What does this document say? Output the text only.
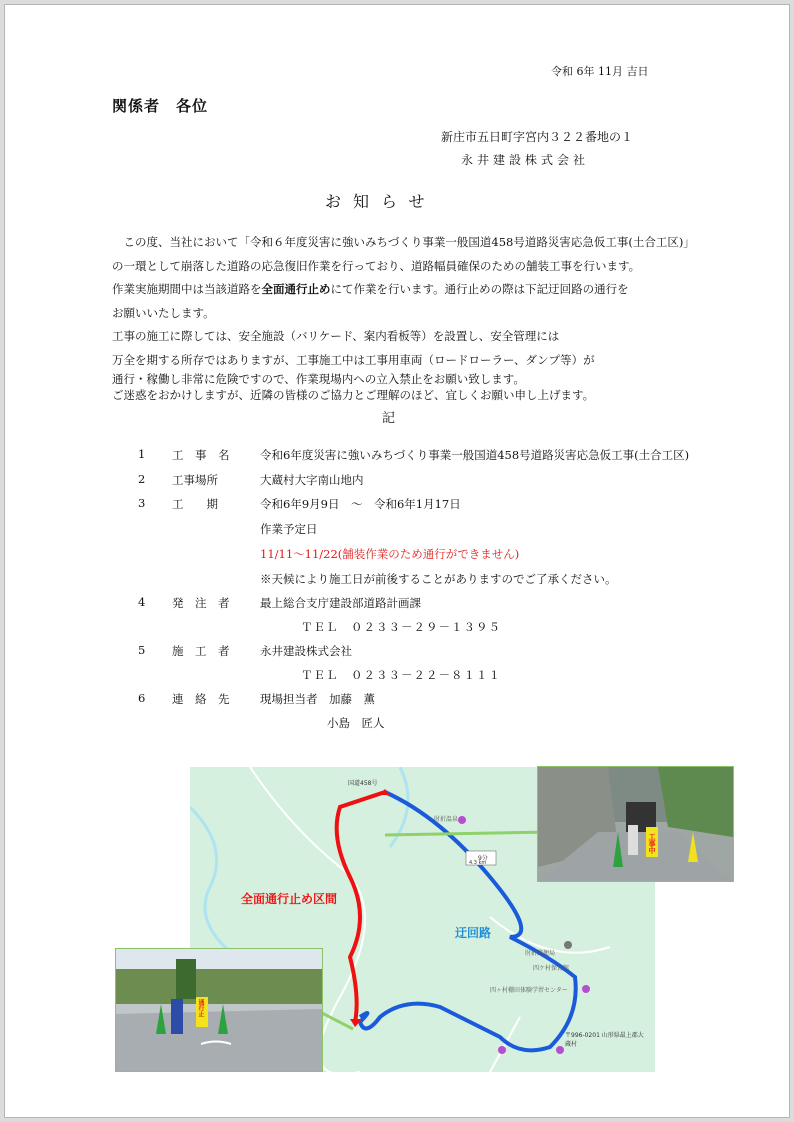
令和 6年 11月 吉日
関係者　各位
新庄市五日町字宮内３２２番地の１
永井建設株式会社
お知らせ

　この度、当社において「令和６年度災害に強いみちづくり事業一般国道458号道路災害応急仮工事(土合工区)」

の一環として崩落した道路の応急復旧作業を行っており、道路幅員確保のための舗装工事を行います。

作業実施期間中は当該道路を全面通行止めにて作業を行います。通行止めの際は下記迂回路の通行を

お願いいたします。

工事の施工に際しては、安全施設（バリケード、案内看板等）を設置し、安全管理には

万全を期する所存ではありますが、工事施工中は工事用車両（ロードローラー、ダンプ等）が

通行・稼働し非常に危険ですので、作業現場内への立入禁止をお願い致します。

ご迷惑をおかけしますが、近隣の皆様のご協力とご理解のほど、宜しくお願い申し上げます。

記
1 工　事　名	令和6年度災害に強いみちづくり事業一般国道458号道路災害応急仮工事(土合工区)
2 工事場所	大蔵村大字南山地内
3 工　　期	令和6年9月9日　～　令和6年1月17日
作業予定日
11/11～11/22(舗装作業のため通行ができません)
※天候により施工日が前後することがありますのでご了承ください。
4 発　注　者	最上総合支庁建設部道路計画課
ＴＥＬ　０２３３－２９－１３９５
5 施　工　者	永井建設株式会社
ＴＥＬ　０２３３－２２－８１１１
6 連　絡　先	現場担当者　加藤　薫
小島　匠人
国道458号
肘折温泉
肘折郵便局
四ケ村保育館
四ヶ村棚田体験学習センター
〒996-0201 山形県最上郡大蔵村
9分
4.3 km
全面通行止め区間
迂回路
工事中
通行止
